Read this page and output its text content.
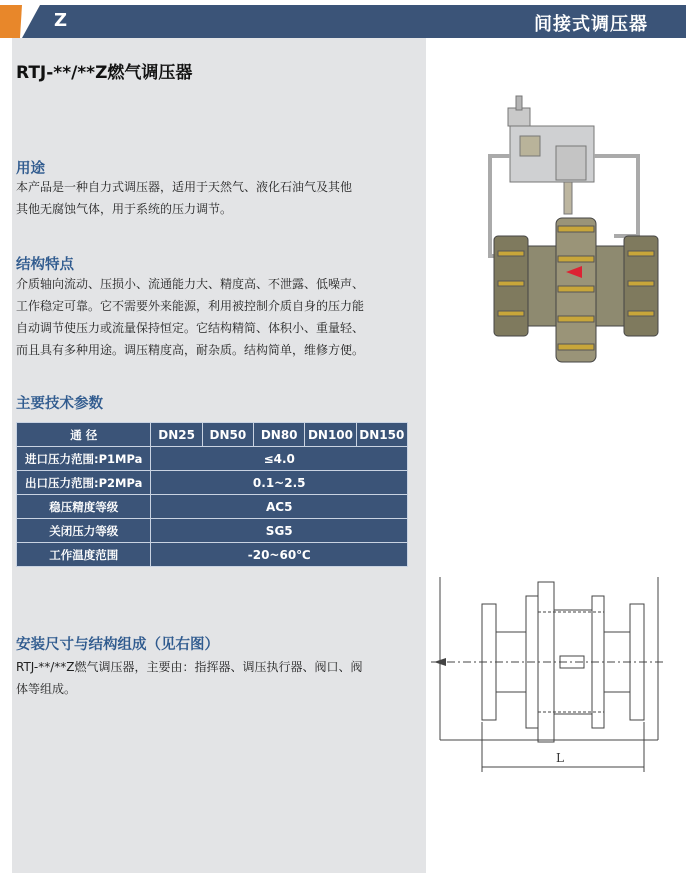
Z	间接式调压器
RTJ-**/**Z燃气调压器
用途
本产品是一种自力式调压器，适用于天然气、液化石油气及其他
其他无腐蚀气体，用于系统的压力调节。
结构特点
介质轴向流动、压损小、流通能力大、精度高、不泄露、低噪声、
工作稳定可靠。它不需要外来能源，利用被控制介质自身的压力能
自动调节使压力或流量保持恒定。它结构精简、体积小、重量轻、
而且具有多种用途。调压精度高，耐杂质。结构简单，维修方便。
主要技术参数
通 径	DN25	DN50	DN80	DN100	DN150
进口压力范围:P1MPa	≤4.0				
出口压力范围:P2MPa	0.1~2.5				
稳压精度等级	AC5				
关闭压力等级	SG5				
工作温度范围	-20~60℃				
安装尺寸与结构组成（见右图）
RTJ-**/**Z燃气调压器，主要由：指挥器、调压执行器、阀口、阀
体等组成。
L
